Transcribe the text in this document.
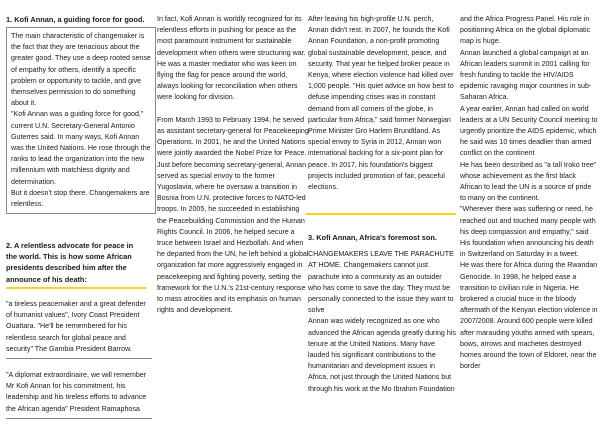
1. Kofi Annan, a guiding force for good.

The main characteristic of changemaker is the fact that they are tenacious about the greater good. They use a deep rooted sense of empathy for others, identify a specific problem or opportunity to tackle, and give themselves permission to do something about it.

"Kofi Annan was a guiding force for good," current U.N. Secretary-General Antonio Guterres said. In many ways, Kofi Annan was the United Nations. He rose through the ranks to lead the organization into the new millennium with matchless dignity and determination.

But it doesn't stop there. Changemakers are relentless.

2. A relentless advocate for peace in the world. This is how some African presidents described him after the announce of his death:

"a tireless peacemaker and a great defender of humanist values", Ivory Coast President Ouattara. "He'll be remembered for his relentless search for global peace and security" The Gambia President Barrow.

"A diplomat extraordinaire, we will remember Mr Kofi Annan for his commitment, his leadership and his tireless efforts to advance the African agenda" President Ramaphosa

In fact, Kofi Annan is worldly recognized for its relentless efforts in pushing for peace as the most paramount instrument for sustainable development when others were structuring war. He was a master mediator who was keen on flying the flag for peace around the world, always looking for reconciliation when others were looking for division.

From March 1993 to February 1994, he served as assistant secretary-general for Peacekeeping Operations. In 2001, he and the United Nations were jointly awarded the Nobel Prize for Peace. Just before becoming secretary-general, Annan served as special envoy to the former Yugoslavia, where he oversaw a transition in Bosnia from U.N. protective forces to NATO-led troops. In 2005, he succeeded in establishing the Peacebuilding Commission and the Human Rights Council. In 2006, he helped secure a truce between Israel and Hezbollah. And when he departed from the UN, he left behind a global organization far more aggressively engaged in peacekeeping and fighting poverty, setting the framework for the U.N.'s 21st-century response to mass atrocities and its emphasis on human rights and development.

After leaving his high-profile U.N. perch, Annan didn't rest. In 2007, he founds the Kofi Annan Foundation, a non-profit promoting global sustainable development, peace, and security. That year he helped broker peace in Kenya, where election violence had killed over 1,000 people. "His quiet advice on how best to defuse impending crises was in constant demand from all corners of the globe, in particular from Africa," said former Norwegian Prime Minister Gro Harlem Brundtland. As special envoy to Syria in 2012, Annan won international backing for a six-point plan for peace. In 2017, his foundation's biggest projects included promotion of fair, peaceful elections.

3. Kofi Annan, Africa's foremost son.

CHANGEMAKERS LEAVE THE PARACHUTE AT HOME. Changemakers cannot just parachute into a community as an outsider who has come to save the day. They must be personally connected to the issue they want to solve

Annan was widely recognized as one who advanced the African agenda greatly during his tenure at the United Nations. Many have lauded his significant contributions to the humanitarian and development issues in Africa, not just through the United Nations but through his work at the Mo Ibrahim Foundation

and the Africa Progress Panel. His role in positioning Africa on the global diplomatic map is huge.

Annan launched a global campaign at an African leaders summit in 2001 calling for fresh funding to tackle the HIV/AIDS epidemic ravaging major countries in sub-Saharan Africa.

A year earlier, Annan had called on world leaders at a UN Security Council meeting to urgently prioritize the AIDS epidemic, which he said was 10 times deadlier than armed conflict on the continent

He has been described as "a tall Iroko tree" whose achievement as the first black African to lead the UN is a source of pride to many on the continent.

"Wherever there was suffering or need, he reached out and touched many people with his deep compassion and empathy," said His foundation when announcing his death in Switzerland on Saturday in a tweet.

He was there for Africa during the Rwandan Genocide. In 1998, he helped ease a transition to civilian rule in Nigeria. He brokered a crucial truce in the bloody aftermath of the Kenyan election violence in 2007/2008. Around 600 people were killed after marauding youths armed with spears, bows, arrows and machetes destroyed homes around the town of Eldoret, near the border
